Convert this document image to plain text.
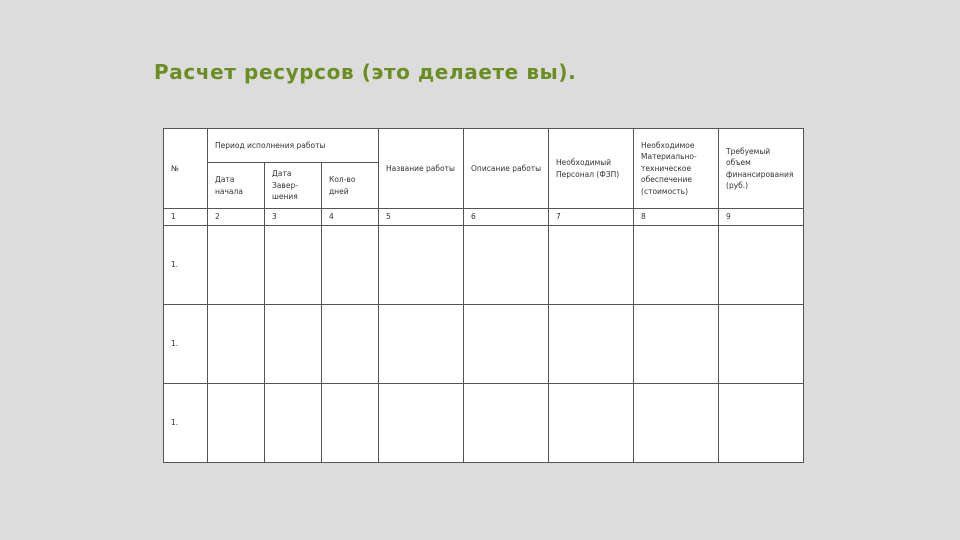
Расчет ресурсов (это делаете вы).
№	Период исполнения работы			Название работы	Описание работы	Необходимый Персонал (ФЗП)	Необходимое Материально-техническое обеспечение (стоимость)	Требуемый объем финансирования (руб.)
	Дата начала	Дата Завер-шения	Кол-во дней					
1	2	3	4	5	6	7	8	9
1.								
1.								
1.								
